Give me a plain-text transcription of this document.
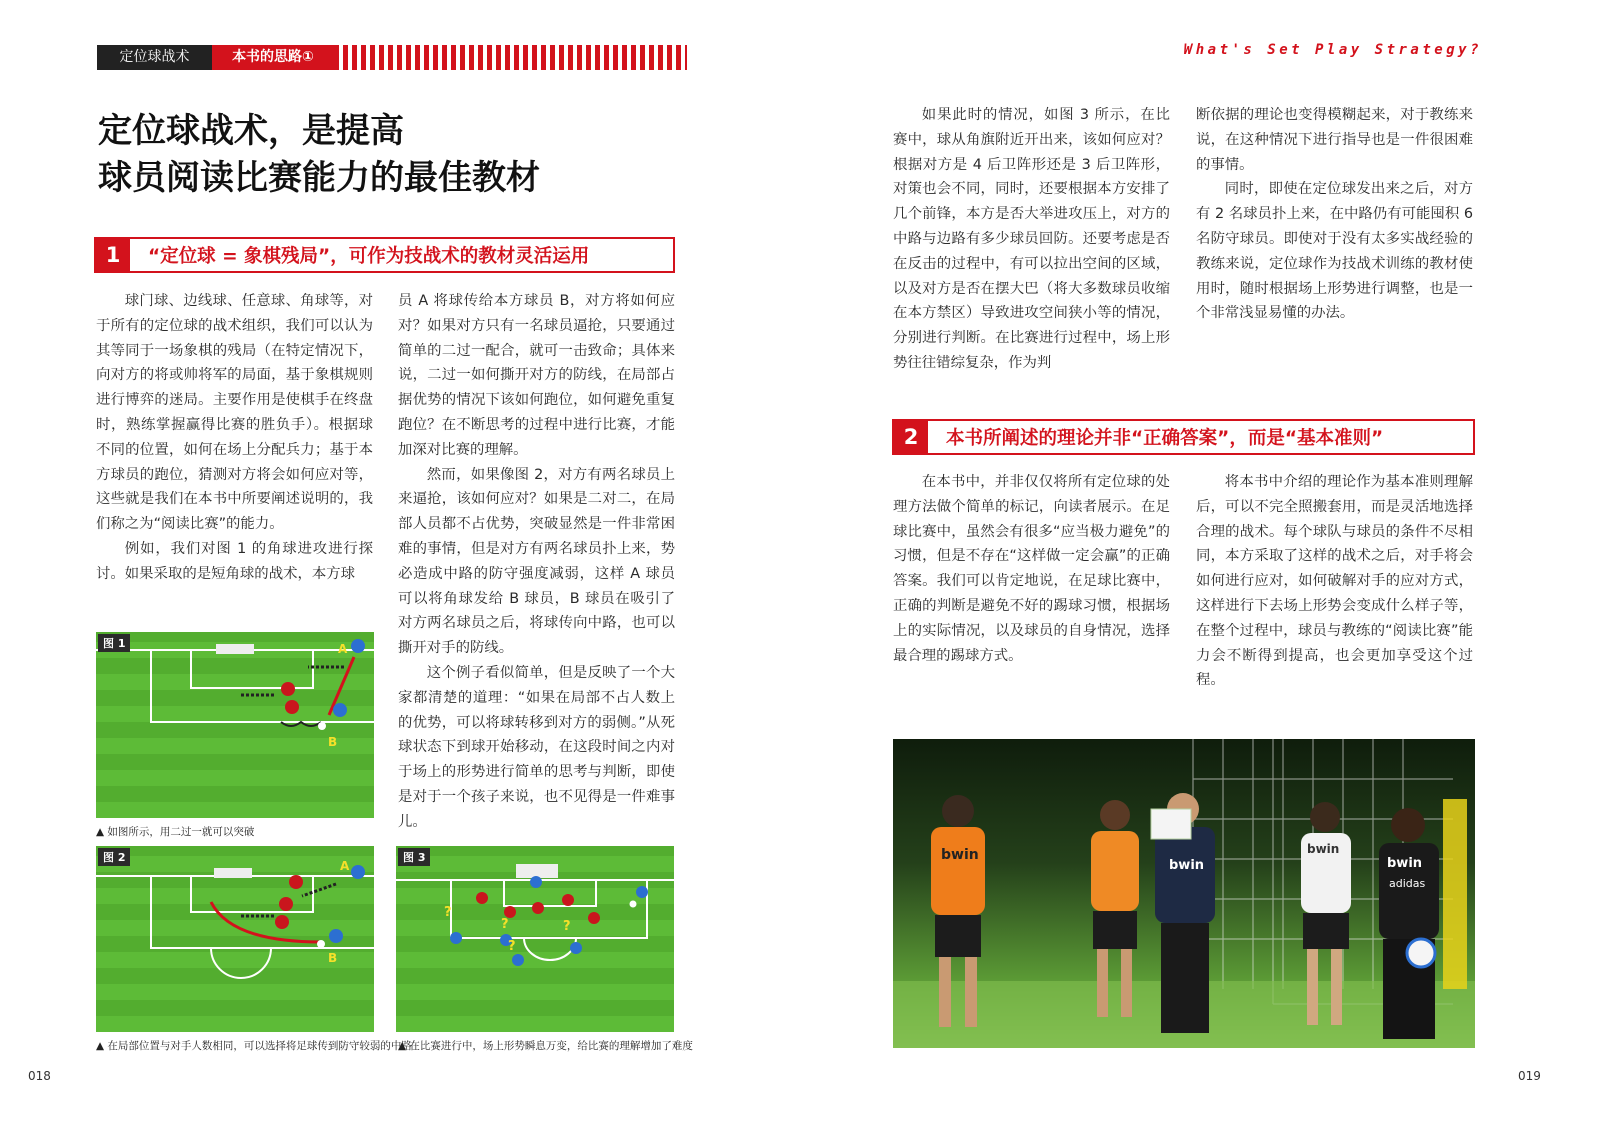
定位球战术	本书的思路①	What's Set Play Strategy?
定位球战术，是提高
球员阅读比赛能力的最佳教材
1	“定位球 = 象棋残局”，可作为技战术的教材灵活运用

球门球、边线球、任意球、角球等，对于所有的定位球的战术组织，我们可以认为其等同于一场象棋的残局（在特定情况下，向对方的将或帅将军的局面，基于象棋规则进行博弈的迷局。主要作用是使棋手在终盘时，熟练掌握赢得比赛的胜负手）。根据球不同的位置，如何在场上分配兵力；基于本方球员的跑位，猜测对方将会如何应对等，这些就是我们在本书中所要阐述说明的，我们称之为“阅读比赛”的能力。

例如，我们对图 1 的角球进攻进行探讨。如果采取的是短角球的战术，本方球

员 A 将球传给本方球员 B，对方将如何应对？如果对方只有一名球员逼抢，只要通过简单的二过一配合，就可一击致命；具体来说，二过一如何撕开对方的防线，在局部占据优势的情况下该如何跑位，如何避免重复跑位？在不断思考的过程中进行比赛，才能加深对比赛的理解。

然而，如果像图 2，对方有两名球员上来逼抢，该如何应对？如果是二对二，在局部人员都不占优势，突破显然是一件非常困难的事情，但是对方有两名球员扑上来，势必造成中路的防守强度减弱，这样 A 球员可以将角球发给 B 球员，B 球员在吸引了对方两名球员之后，将球传向中路，也可以撕开对手的防线。

这个例子看似简单，但是反映了一个大家都清楚的道理：“如果在局部不占人数上的优势，可以将球转移到对方的弱侧。”从死球状态下到球开始移动，在这段时间之内对于场上的形势进行简单的思考与判断，即使是对于一个孩子来说，也不见得是一件难事儿。

图 1	A
B
▲ 如图所示，用二过一就可以突破
图 2
A
B
▲ 在局部位置与对手人数相同，可以选择将足球传到防守较弱的中路
图 3
?
?	?
?
▲ 在比赛进行中，场上形势瞬息万变，给比赛的理解增加了难度

如果此时的情况，如图 3 所示，在比赛中，球从角旗附近开出来，该如何应对？根据对方是 4 后卫阵形还是 3 后卫阵形，对策也会不同，同时，还要根据本方安排了几个前锋，本方是否大举进攻压上，对方的中路与边路有多少球员回防。还要考虑是否在反击的过程中，有可以拉出空间的区域，以及对方是否在摆大巴（将大多数球员收缩在本方禁区）导致进攻空间狭小等的情况，分别进行判断。在比赛进行过程中，场上形势往往错综复杂，作为判

断依据的理论也变得模糊起来，对于教练来说，在这种情况下进行指导也是一件很困难的事情。

同时，即使在定位球发出来之后，对方有 2 名球员扑上来，在中路仍有可能囤积 6 名防守球员。即使对于没有太多实战经验的教练来说，定位球作为技战术训练的教材使用时，随时根据场上形势进行调整，也是一个非常浅显易懂的办法。

2	本书所阐述的理论并非“正确答案”，而是“基本准则”

在本书中，并非仅仅将所有定位球的处理方法做个简单的标记，向读者展示。在足球比赛中，虽然会有很多“应当极力避免”的习惯，但是不存在“这样做一定会赢”的正确答案。我们可以肯定地说，在足球比赛中，正确的判断是避免不好的踢球习惯，根据场上的实际情况，以及球员的自身情况，选择最合理的踢球方式。

将本书中介绍的理论作为基本准则理解后，可以不完全照搬套用，而是灵活地选择合理的战术。每个球队与球员的条件不尽相同，本方采取了这样的战术之后，对手将会如何进行应对，如何破解对手的应对方式，这样进行下去场上形势会变成什么样子等，在整个过程中，球员与教练的“阅读比赛”能力会不断得到提高，也会更加享受这个过程。

bwin
bwin
bwin
bwin
adidas
018	019
